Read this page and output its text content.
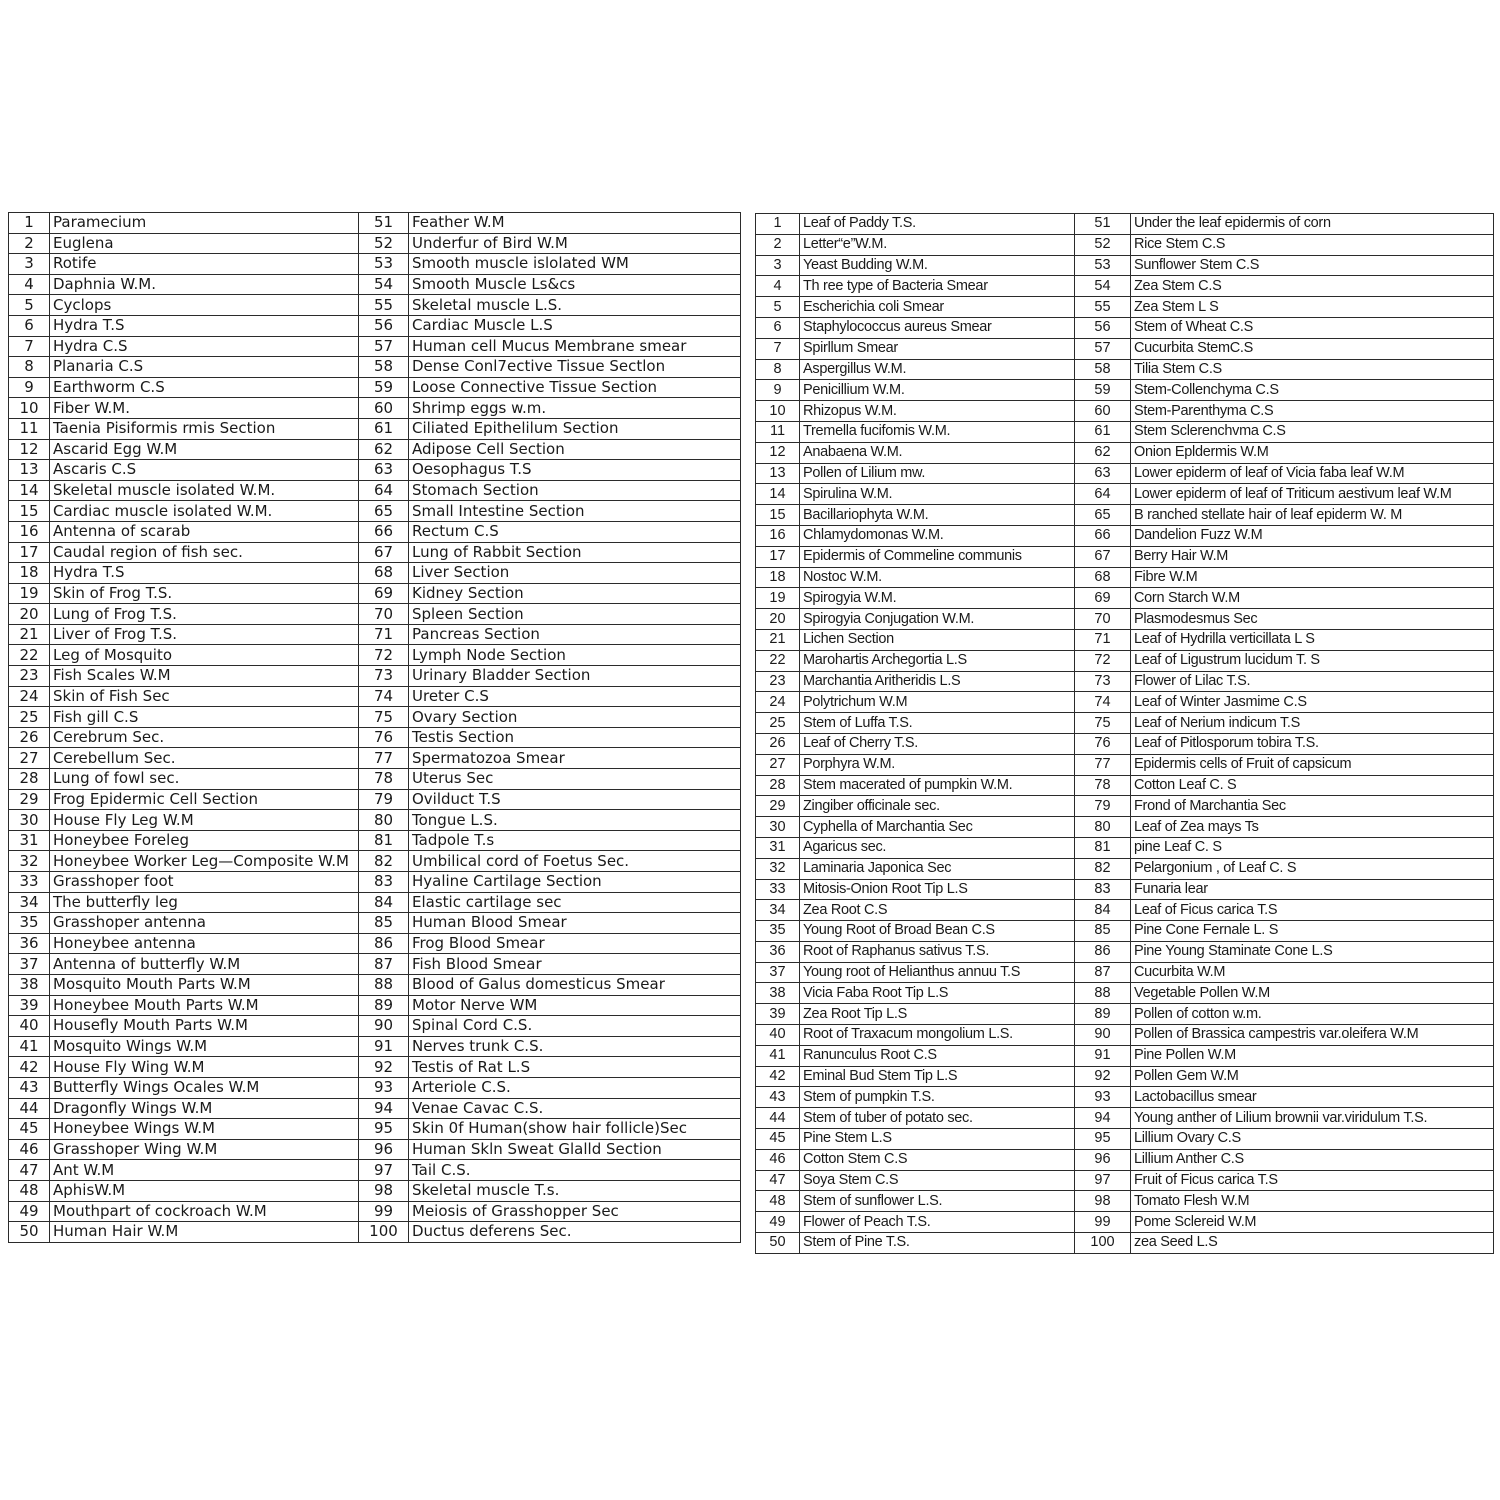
1	Paramecium	51	Feather W.M
2	Euglena	52	Underfur of Bird W.M
3	Rotife	53	Smooth muscle islolated WM
4	Daphnia W.M.	54	Smooth Muscle Ls&cs
5	Cyclops	55	Skeletal muscle L.S.
6	Hydra T.S	56	Cardiac Muscle L.S
7	Hydra C.S	57	Human cell Mucus Membrane smear
8	Planaria C.S	58	Dense Conl7ective Tissue Sectlon
9	Earthworm C.S	59	Loose Connective Tissue Section
10	Fiber W.M.	60	Shrimp eggs w.m.
11	Taenia Pisiformis rmis Section	61	Ciliated Epithelilum Section
12	Ascarid Egg W.M	62	Adipose Cell Section
13	Ascaris C.S	63	Oesophagus T.S
14	Skeletal muscle isolated W.M.	64	Stomach Section
15	Cardiac muscle isolated W.M.	65	Small Intestine Section
16	Antenna of scarab	66	Rectum C.S
17	Caudal region of fish sec.	67	Lung of Rabbit Section
18	Hydra T.S	68	Liver Section
19	Skin of Frog T.S.	69	Kidney Section
20	Lung of Frog T.S.	70	Spleen Section
21	Liver of Frog T.S.	71	Pancreas Section
22	Leg of Mosquito	72	Lymph Node Section
23	Fish Scales W.M	73	Urinary Bladder Section
24	Skin of Fish Sec	74	Ureter C.S
25	Fish gill C.S	75	Ovary Section
26	Cerebrum Sec.	76	Testis Section
27	Cerebellum Sec.	77	Spermatozoa Smear
28	Lung of fowl sec.	78	Uterus Sec
29	Frog Epidermic Cell Section	79	Ovilduct T.S
30	House Fly Leg W.M	80	Tongue L.S.
31	Honeybee Foreleg	81	Tadpole T.s
32	Honeybee Worker Leg—Composite W.M	82	Umbilical cord of Foetus Sec.
33	Grasshoper foot	83	Hyaline Cartilage Section
34	The butterfly leg	84	Elastic cartilage sec
35	Grasshoper antenna	85	Human Blood Smear
36	Honeybee antenna	86	Frog Blood Smear
37	Antenna of butterfly W.M	87	Fish Blood Smear
38	Mosquito Mouth Parts W.M	88	Blood of Galus domesticus Smear
39	Honeybee Mouth Parts W.M	89	Motor Nerve WM
40	Housefly Mouth Parts W.M	90	Spinal Cord C.S.
41	Mosquito Wings W.M	91	Nerves trunk C.S.
42	House Fly Wing W.M	92	Testis of Rat L.S
43	Butterfly Wings Ocales W.M	93	Arteriole C.S.
44	Dragonfly Wings W.M	94	Venae Cavac C.S.
45	Honeybee Wings W.M	95	Skin 0f Human(show hair follicle)Sec
46	Grasshoper Wing W.M	96	Human Skln Sweat Glalld Section
47	Ant W.M	97	Tail C.S.
48	AphisW.M	98	Skeletal muscle T.s.
49	Mouthpart of cockroach W.M	99	Meiosis of Grasshopper Sec
50	Human Hair W.M	100	Ductus deferens Sec.
1	Leaf of Paddy T.S.	51	Under the leaf epidermis of corn
2	Letter“e”W.M.	52	Rice Stem C.S
3	Yeast Budding W.M.	53	Sunflower Stem C.S
4	Th ree type of Bacteria Smear	54	Zea Stem C.S
5	Escherichia coli Smear	55	Zea Stem L S
6	Staphylococcus aureus Smear	56	Stem of Wheat C.S
7	Spirllum Smear	57	Cucurbita StemC.S
8	Aspergillus W.M.	58	Tilia Stem C.S
9	Penicillium W.M.	59	Stem-Collenchyma C.S
10	Rhizopus W.M.	60	Stem-Parenthyma C.S
11	Tremella fucifomis W.M.	61	Stem Sclerenchvma C.S
12	Anabaena W.M.	62	Onion Epldermis W.M
13	Pollen of Lilium mw.	63	Lower epiderm of leaf of Vicia faba leaf W.M
14	Spirulina W.M.	64	Lower epiderm of leaf of Triticum aestivum leaf W.M
15	Bacillariophyta W.M.	65	B ranched stellate hair of leaf epiderm W. M
16	Chlamydomonas W.M.	66	Dandelion Fuzz W.M
17	Epidermis of Commeline communis	67	Berry Hair W.M
18	Nostoc W.M.	68	Fibre W.M
19	Spirogyia W.M.	69	Corn Starch W.M
20	Spirogyia Conjugation W.M.	70	Plasmodesmus Sec
21	Lichen Section	71	Leaf of Hydrilla verticillata L S
22	Marohartis Archegortia L.S	72	Leaf of Ligustrum lucidum T. S
23	Marchantia Aritheridis L.S	73	Flower of Lilac T.S.
24	Polytrichum W.M	74	Leaf of Winter Jasmime C.S
25	Stem of Luffa T.S.	75	Leaf of Nerium indicum T.S
26	Leaf of Cherry T.S.	76	Leaf of Pitlosporum tobira T.S.
27	Porphyra W.M.	77	Epidermis cells of Fruit of capsicum
28	Stem macerated of pumpkin W.M.	78	Cotton Leaf C. S
29	Zingiber officinale sec.	79	Frond of Marchantia Sec
30	Cyphella of Marchantia Sec	80	Leaf of Zea mays Ts
31	Agaricus sec.	81	pine Leaf C. S
32	Laminaria Japonica Sec	82	Pelargonium , of Leaf C. S
33	Mitosis-Onion Root Tip L.S	83	Funaria lear
34	Zea Root C.S	84	Leaf of Ficus carica T.S
35	Young Root of Broad Bean C.S	85	Pine Cone Fernale L. S
36	Root of Raphanus sativus T.S.	86	Pine Young Staminate Cone L.S
37	Young root of Helianthus annuu T.S	87	Cucurbita W.M
38	Vicia Faba Root Tip L.S	88	Vegetable Pollen W.M
39	Zea Root Tip L.S	89	Pollen of cotton w.m.
40	Root of Traxacum mongolium L.S.	90	Pollen of Brassica campestris var.oleifera W.M
41	Ranunculus Root C.S	91	Pine Pollen W.M
42	Eminal Bud Stem Tip L.S	92	Pollen Gem W.M
43	Stem of pumpkin T.S.	93	Lactobacillus smear
44	Stem of tuber of potato sec.	94	Young anther of Lilium brownii var.viridulum T.S.
45	Pine Stem L.S	95	Lillium Ovary C.S
46	Cotton Stem C.S	96	Lillium Anther C.S
47	Soya Stem C.S	97	Fruit of Ficus carica T.S
48	Stem of sunflower L.S.	98	Tomato Flesh W.M
49	Flower of Peach T.S.	99	Pome Sclereid W.M
50	Stem of Pine T.S.	100	zea Seed L.S
